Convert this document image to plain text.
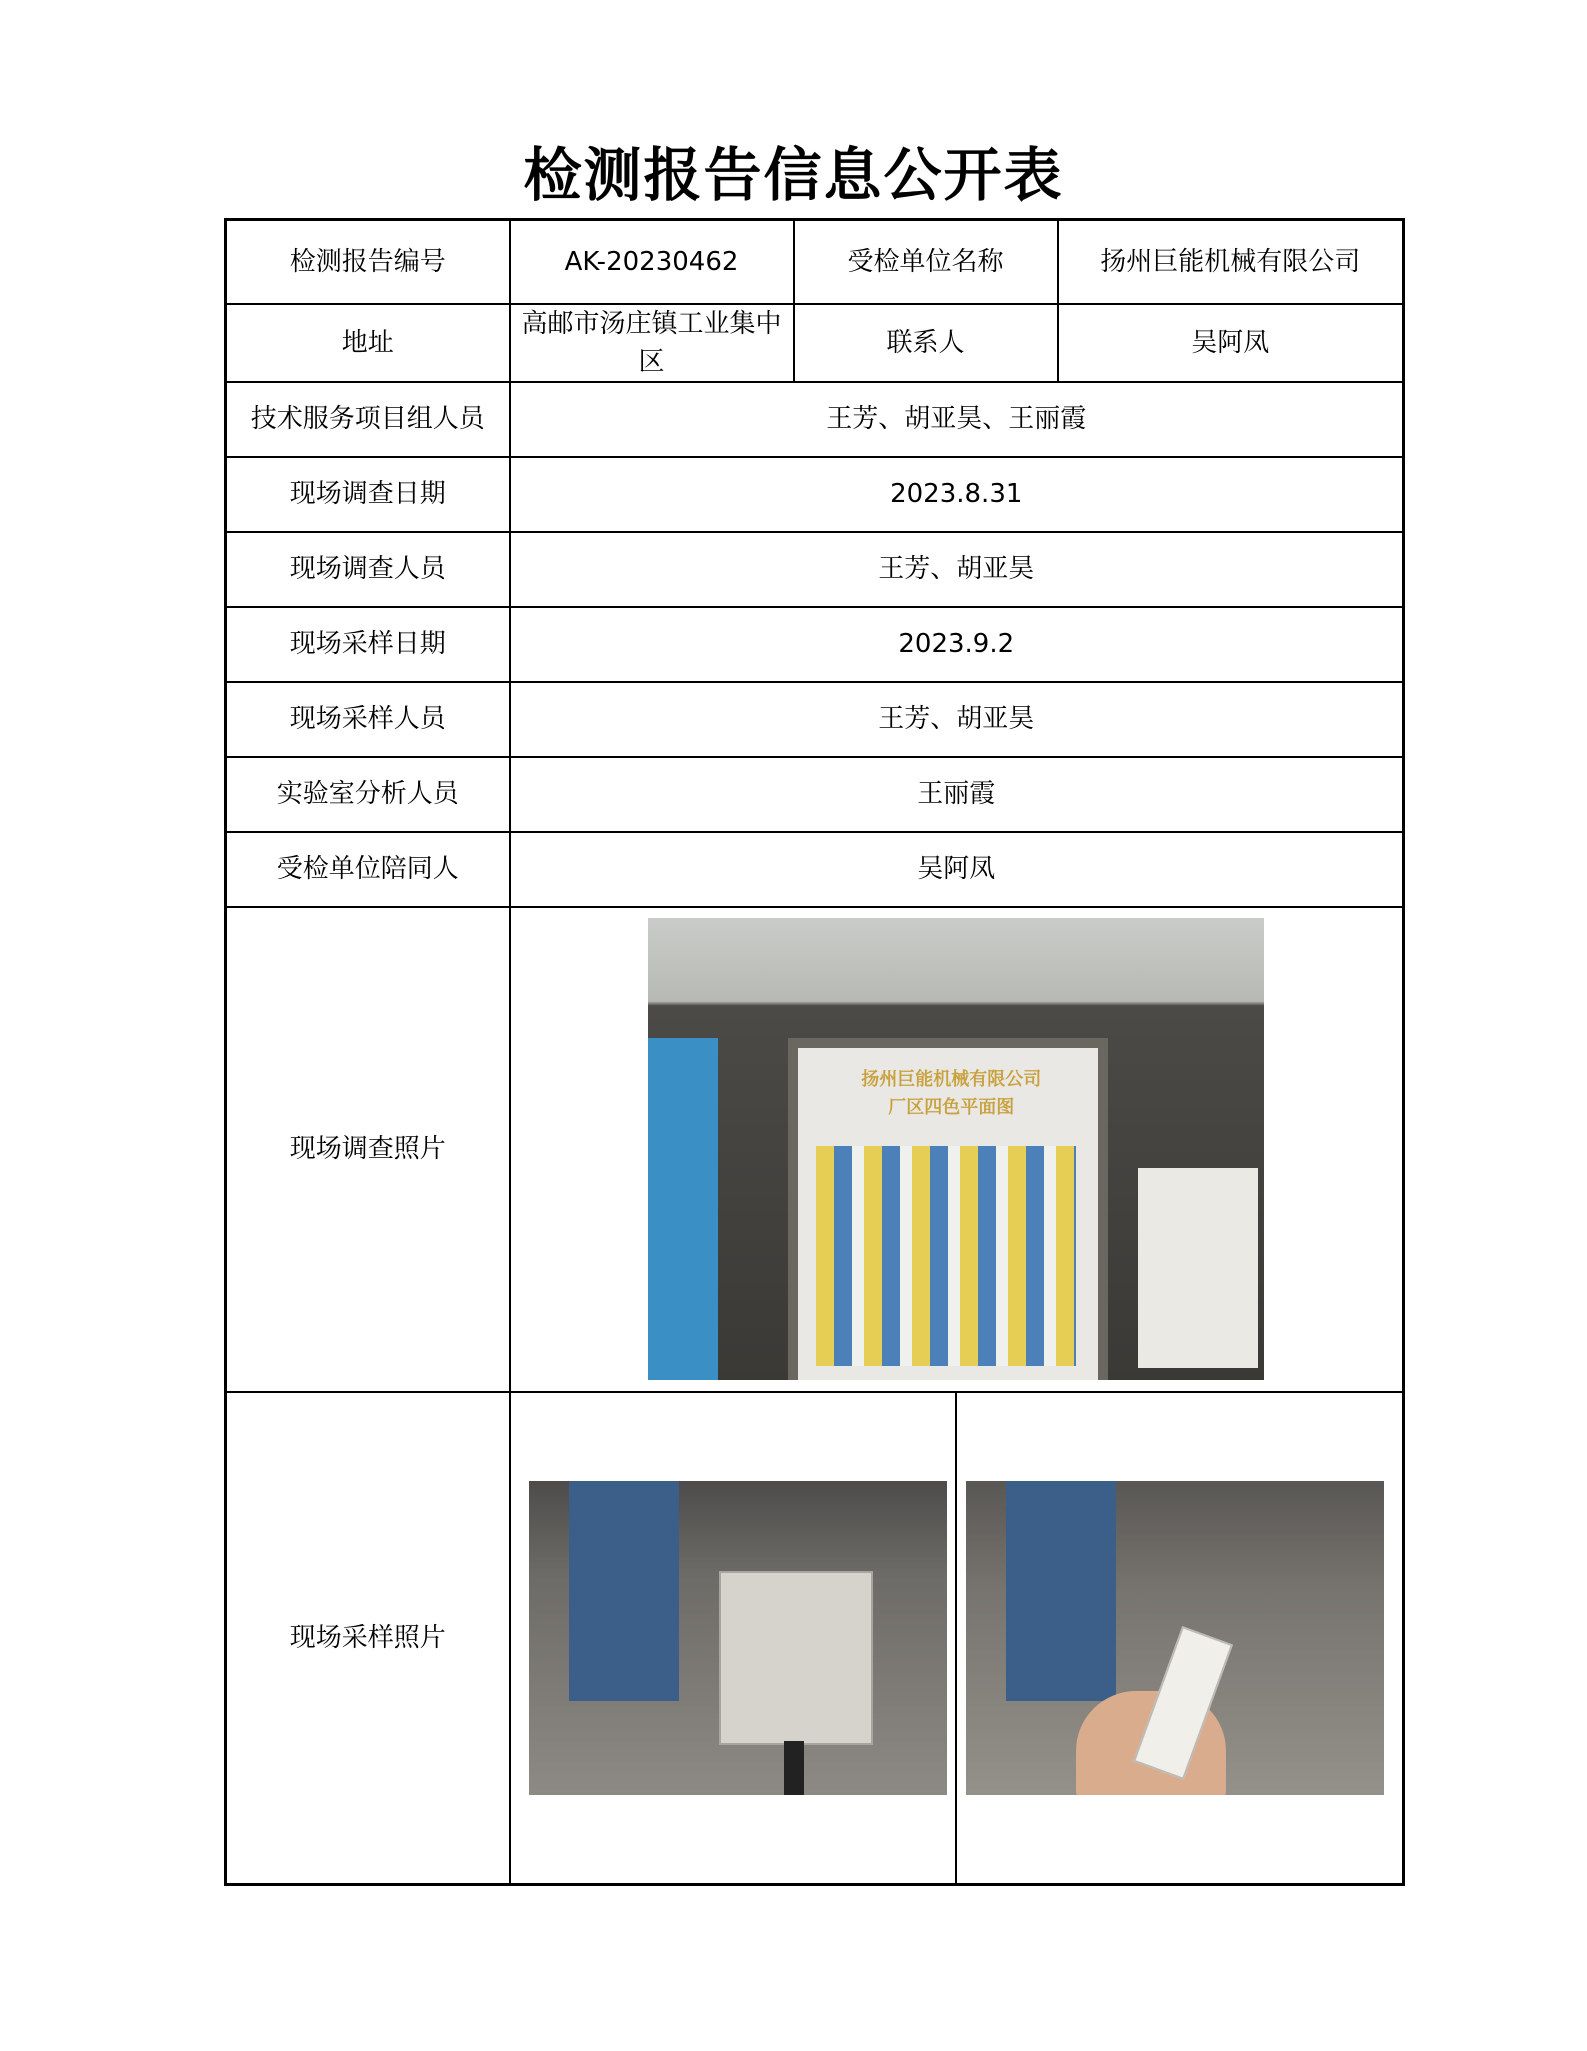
检测报告信息公开表
检测报告编号	AK-20230462	受检单位名称	扬州巨能机械有限公司
地址	高邮市汤庄镇工业集中区	联系人	吴阿凤
技术服务项目组人员	王芳、胡亚昊、王丽霞		
现场调查日期	2023.8.31		
现场调查人员	王芳、胡亚昊		
现场采样日期	2023.9.2		
现场采样人员	王芳、胡亚昊		
实验室分析人员	王丽霞		
受检单位陪同人	吴阿凤		
现场调查照片	扬州巨能机械有限公司
厂区四色平面图		

现场采样照片			
